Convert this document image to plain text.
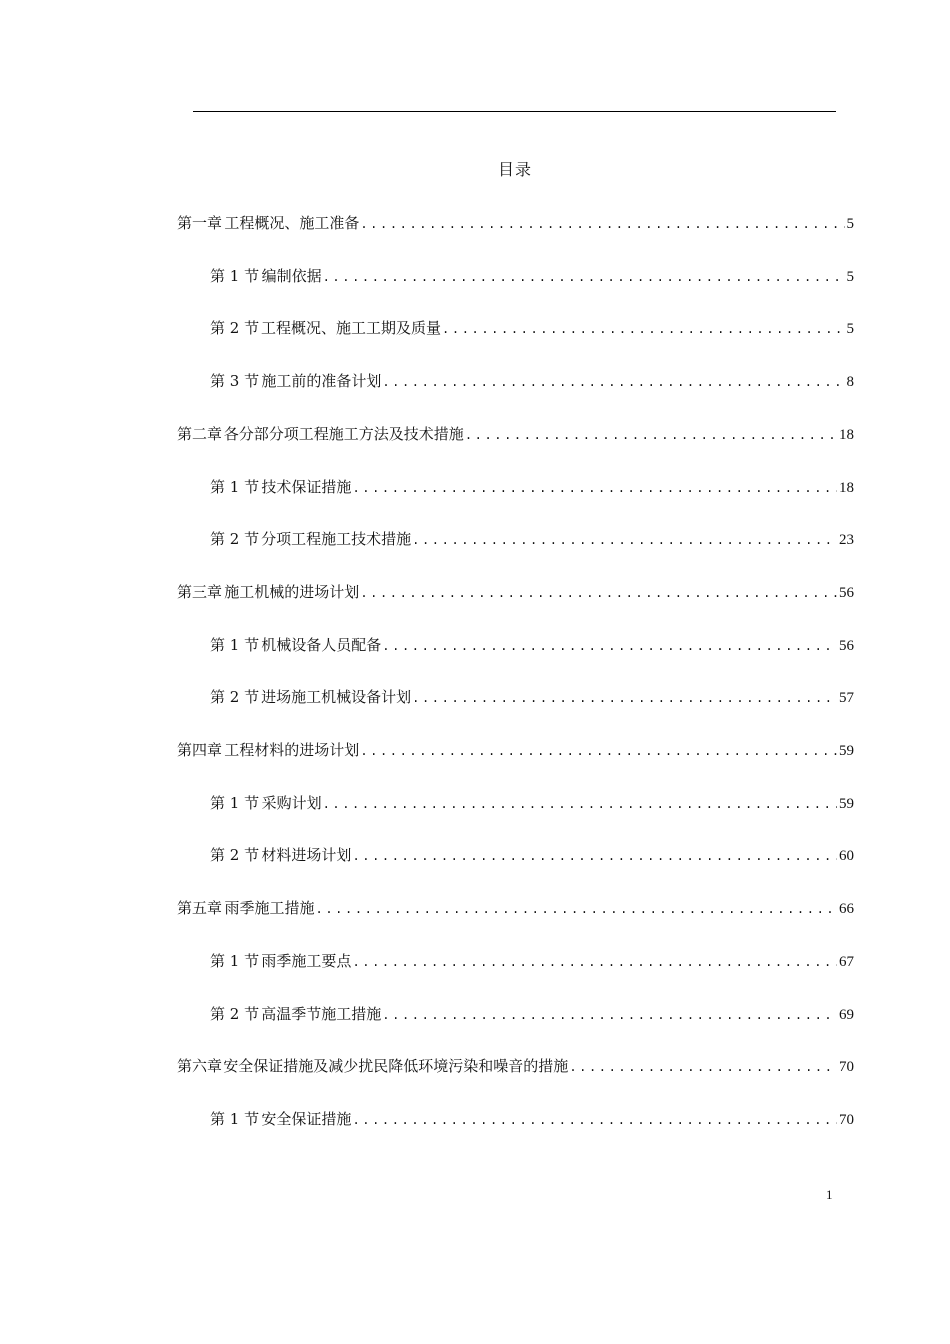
目录
第一章 工程概况、施工准备 .....	5
第 1 节 编制依据 .....	5
第 2 节 工程概况、施工工期及质量 .....	5
第 3 节 施工前的准备计划 .....	8
第二章 各分部分项工程施工方法及技术措施 .....	18
第 1 节 技术保证措施 .....	18
第 2 节 分项工程施工技术措施 .....	23
第三章 施工机械的进场计划 .....	56
第 1 节 机械设备人员配备 .....	56
第 2 节 进场施工机械设备计划 .....	57
第四章 工程材料的进场计划 .....	59
第 1 节 采购计划 .....	59
第 2 节 材料进场计划 .....	60
第五章 雨季施工措施 .....	66
第 1 节 雨季施工要点 .....	67
第 2 节 高温季节施工措施 .....	69
第六章 安全保证措施及减少扰民降低环境污染和噪音的措施 .....	70
第 1 节 安全保证措施 .....	70
1
